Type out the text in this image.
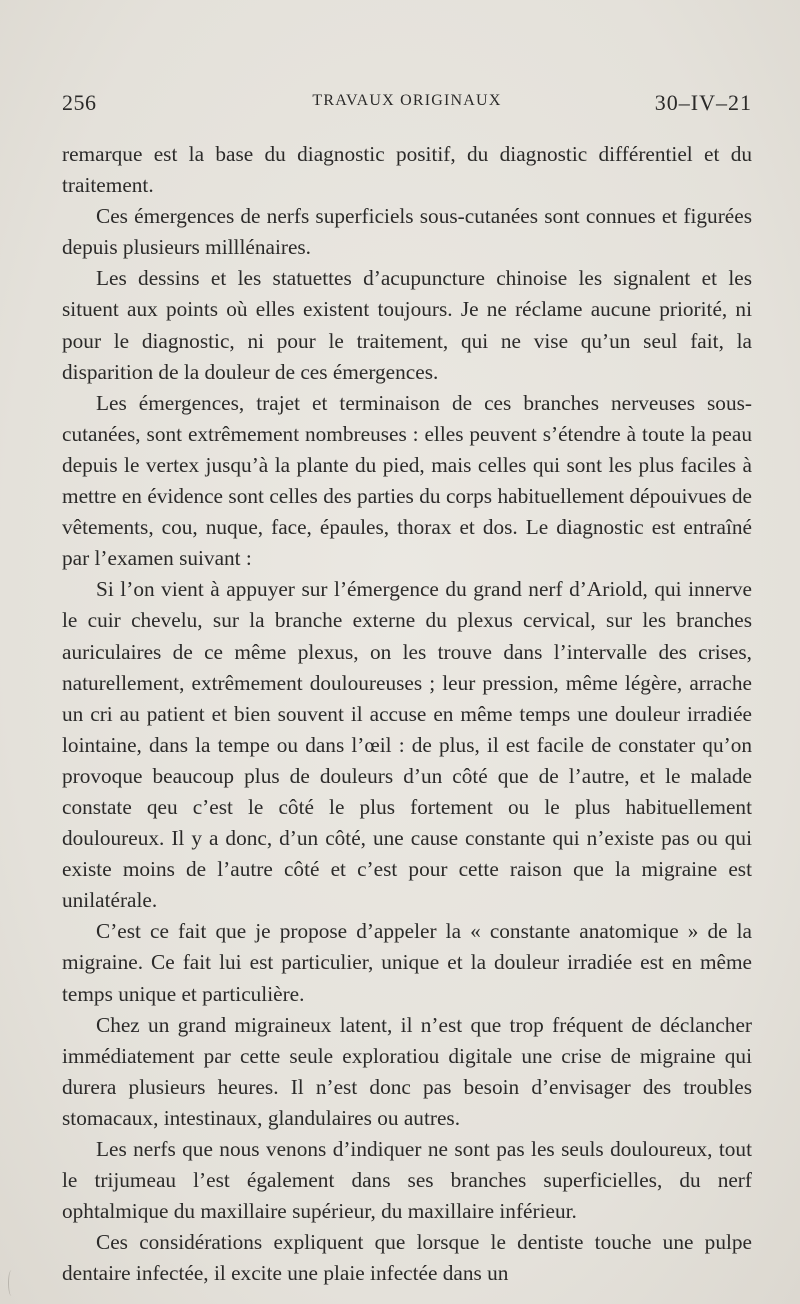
256	TRAVAUX ORIGINAUX	30–IV–21

remarque est la base du diagnostic positif, du diagnostic différentiel et du traitement.

Ces émergences de nerfs superficiels sous-cutanées sont connues et figurées depuis plusieurs milllénaires.

Les dessins et les statuettes d’acupuncture chinoise les signalent et les situent aux points où elles existent toujours. Je ne réclame aucune priorité, ni pour le diagnostic, ni pour le traitement, qui ne vise qu’un seul fait, la disparition de la douleur de ces émergences.

Les émergences, trajet et terminaison de ces branches nerveuses sous-cutanées, sont extrêmement nombreuses : elles peuvent s’étendre à toute la peau depuis le vertex jusqu’à la plante du pied, mais celles qui sont les plus faciles à mettre en évidence sont celles des parties du corps habituellement dépouivues de vêtements, cou, nuque, face, épaules, thorax et dos. Le diagnostic est entraîné par l’examen suivant :

Si l’on vient à appuyer sur l’émergence du grand nerf d’Ariold, qui innerve le cuir chevelu, sur la branche externe du plexus cervical, sur les branches auriculaires de ce même plexus, on les trouve dans l’intervalle des crises, naturellement, extrêmement douloureuses ; leur pression, même légère, arrache un cri au patient et bien souvent il accuse en même temps une douleur irradiée lointaine, dans la tempe ou dans l’œil : de plus, il est facile de constater qu’on provoque beaucoup plus de douleurs d’un côté que de l’autre, et le malade constate qeu c’est le côté le plus fortement ou le plus habituellement douloureux. Il y a donc, d’un côté, une cause constante qui n’existe pas ou qui existe moins de l’autre côté et c’est pour cette raison que la migraine est unilatérale.

C’est ce fait que je propose d’appeler la « constante anatomique » de la migraine. Ce fait lui est particulier, unique et la douleur irradiée est en même temps unique et particulière.

Chez un grand migraineux latent, il n’est que trop fréquent de déclancher immédiatement par cette seule exploratiou digitale une crise de migraine qui durera plusieurs heures. Il n’est donc pas besoin d’envisager des troubles stomacaux, intestinaux, glandulaires ou autres.

Les nerfs que nous venons d’indiquer ne sont pas les seuls douloureux, tout le trijumeau l’est également dans ses branches superficielles, du nerf ophtalmique du maxillaire supérieur, du maxillaire inférieur.

Ces considérations expliquent que lorsque le dentiste touche une pulpe dentaire infectée, il excite une plaie infectée dans un
